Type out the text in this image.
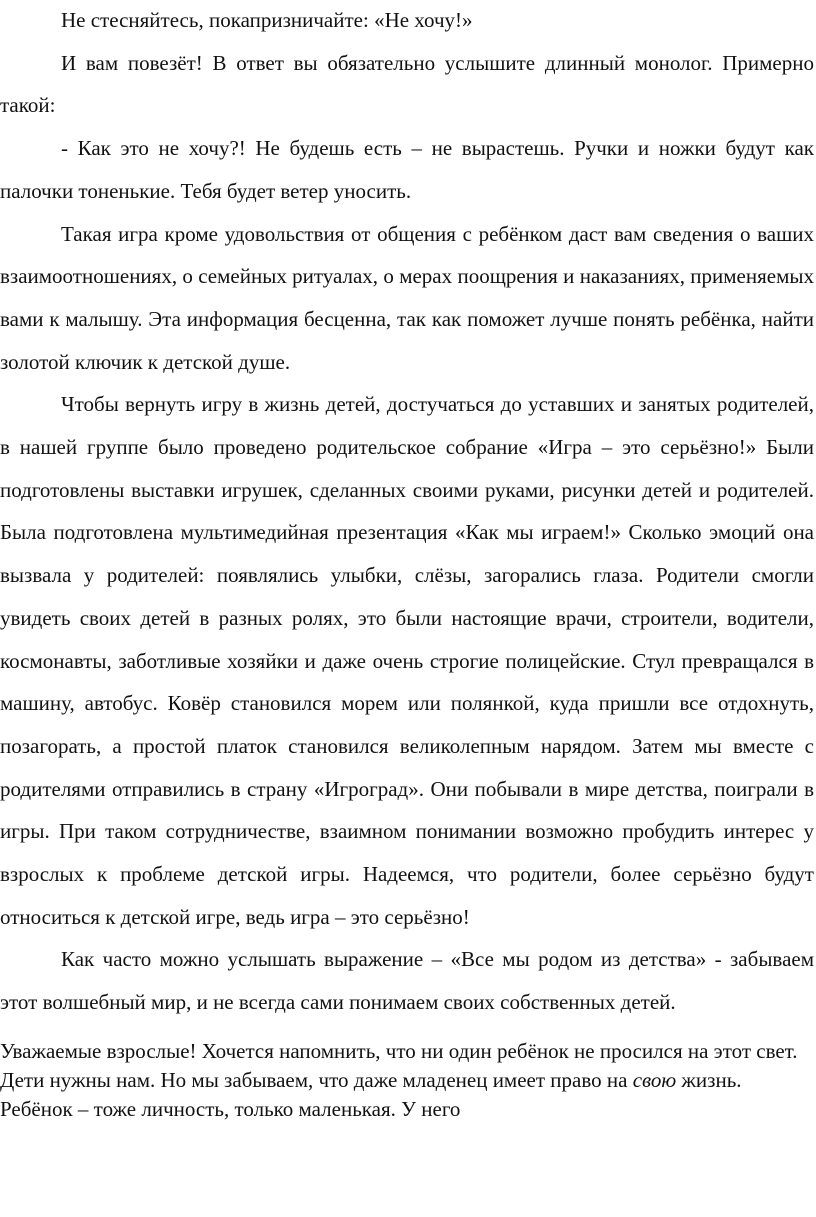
Не стесняйтесь, покапризничайте: «Не хочу!»

И вам повезёт! В ответ вы обязательно услышите длинный монолог. Примерно такой:

- Как это не хочу?! Не будешь есть – не вырастешь. Ручки и ножки будут как палочки тоненькие. Тебя будет ветер уносить.

Такая игра кроме удовольствия от общения с ребёнком даст вам сведения о ваших взаимоотношениях, о семейных ритуалах, о мерах поощрения и наказаниях, применяемых вами к малышу. Эта информация бесценна, так как поможет лучше понять ребёнка, найти золотой ключик к детской душе.

Чтобы вернуть игру в жизнь детей, достучаться до уставших и занятых родителей, в нашей группе было проведено родительское собрание «Игра – это серьёзно!» Были подготовлены выставки игрушек, сделанных своими руками, рисунки детей и родителей. Была подготовлена мультимедийная презентация «Как мы играем!» Сколько эмоций она вызвала у родителей: появлялись улыбки, слёзы, загорались глаза. Родители смогли увидеть своих детей в разных ролях, это были настоящие врачи, строители, водители, космонавты, заботливые хозяйки и даже очень строгие полицейские. Стул превращался в машину, автобус. Ковёр становился морем или полянкой, куда пришли все отдохнуть, позагорать, а простой платок становился великолепным нарядом. Затем мы вместе с родителями отправились в страну «Игроград». Они побывали в мире детства, поиграли в игры. При таком сотрудничестве, взаимном понимании возможно пробудить интерес у взрослых к проблеме детской игры. Надеемся, что родители, более серьёзно будут относиться к детской игре, ведь игра – это серьёзно!

Как часто можно услышать выражение – «Все мы родом из детства» - забываем этот волшебный мир, и не всегда сами понимаем своих собственных детей.

Уважаемые взрослые! Хочется напомнить, что ни один ребёнок не просился на этот свет. Дети нужны нам. Но мы забываем, что даже младенец имеет право на свою жизнь. Ребёнок – тоже личность, только маленькая. У него
